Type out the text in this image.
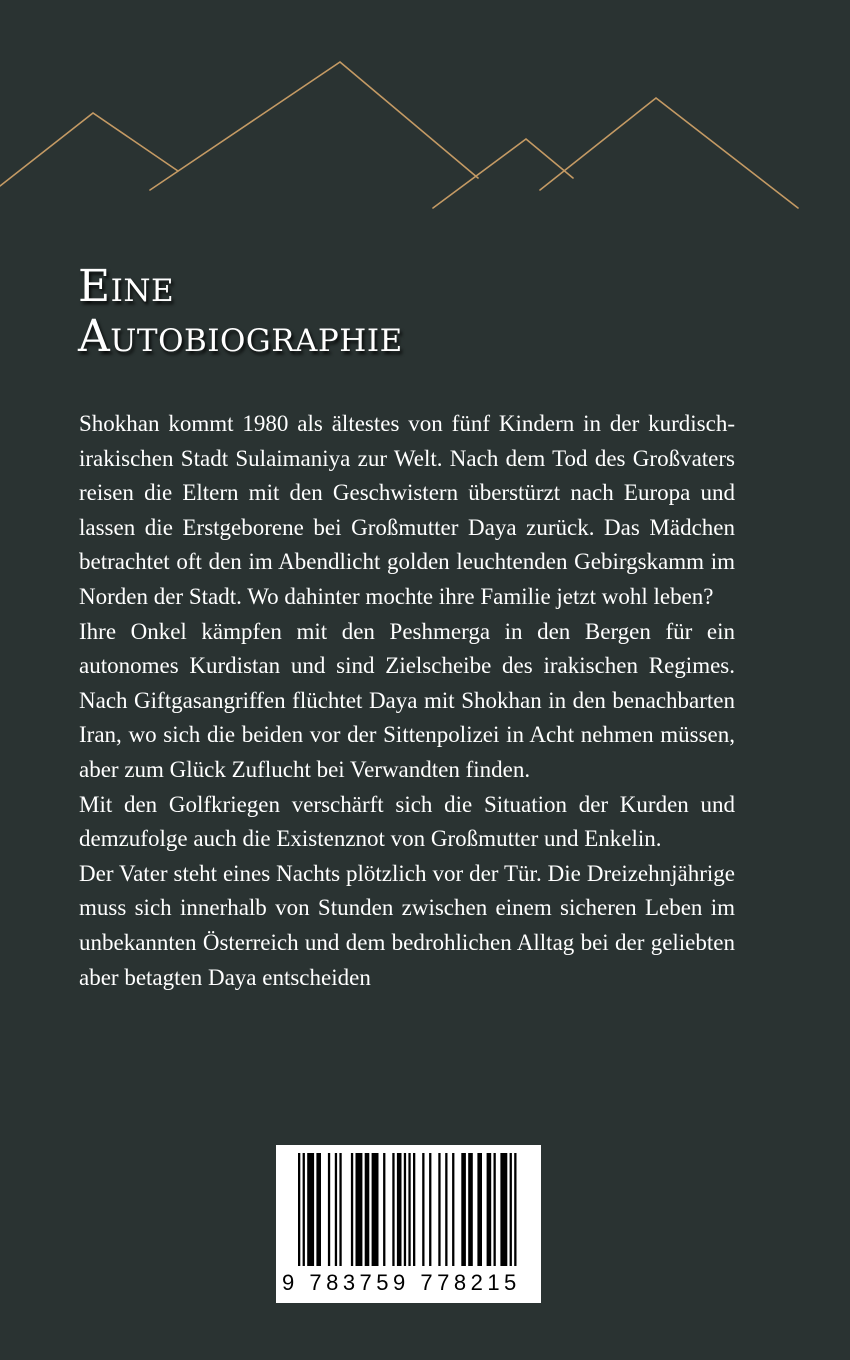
Eine
Autobiographie

Shokhan kommt 1980 als ältestes von fünf Kindern in der kurdisch-irakischen Stadt Sulaimaniya zur Welt. Nach dem Tod des Großvaters reisen die Eltern mit den Geschwistern überstürzt nach Europa und lassen die Erstgeborene bei Großmutter Daya zurück. Das Mädchen betrachtet oft den im Abendlicht golden leuchtenden Gebirgskamm im Norden der Stadt. Wo dahinter mochte ihre Familie jetzt wohl leben?

Ihre Onkel kämpfen mit den Peshmerga in den Bergen für ein autonomes Kurdistan und sind Zielscheibe des irakischen Regimes. Nach Giftgasangriffen flüchtet Daya mit Shokhan in den benachbarten Iran, wo sich die beiden vor der Sittenpolizei in Acht nehmen müssen, aber zum Glück Zuflucht bei Verwandten finden.

Mit den Golfkriegen verschärft sich die Situation der Kurden und demzufolge auch die Existenznot von Großmutter und Enkelin.

Der Vater steht eines Nachts plötzlich vor der Tür. Die Dreizehnjährige muss sich innerhalb von Stunden zwischen einem sicheren Leben im unbekannten Österreich und dem bedrohlichen Alltag bei der geliebten aber betagten Daya entscheiden

9 783759 778215
